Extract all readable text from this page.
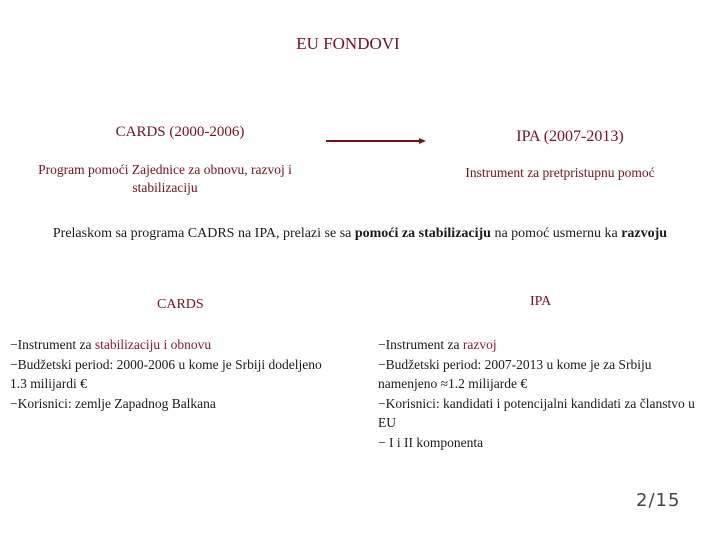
EU FONDOVI
CARDS (2000-2006)	IPA (2007-2013)
Program pomoći Zajednice za obnovu, razvoj i stabilizaciju
Instrument za pretpristupnu pomoć
Prelaskom sa programa CADRS na IPA, prelazi se sa pomoći za stabilizaciju na pomoć usmernu ka razvoju
CARDS	IPA
−Instrument za stabilizaciju i obnovu
−Budžetski period: 2000-2006 u kome je Srbiji dodeljeno 1.3 milijardi €
−Korisnici: zemlje Zapadnog Balkana
−Instrument za razvoj
−Budžetski period: 2007-2013 u kome je za Srbiju namenjeno ≈1.2 milijarde €
−Korisnici: kandidati i potencijalni kandidati za članstvo u EU
− I i II komponenta
2/15
